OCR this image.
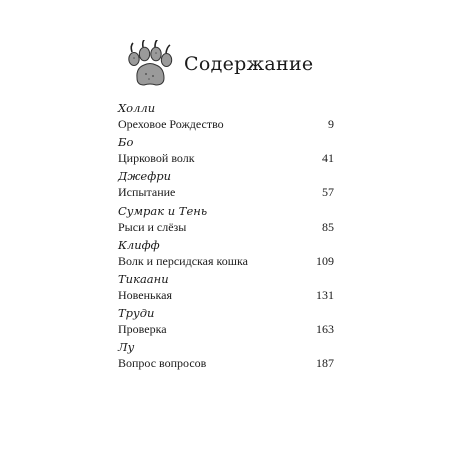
Содержание
Холли
Ореховое Рождество	9
Бо
Цирковой волк	41
Джефри
Испытание	57
Сумрак и Тень
Рыси и слёзы	85
Клифф
Волк и персидская кошка	109
Тикаани
Новенькая	131
Труди
Проверка	163
Лу
Вопрос вопросов	187
